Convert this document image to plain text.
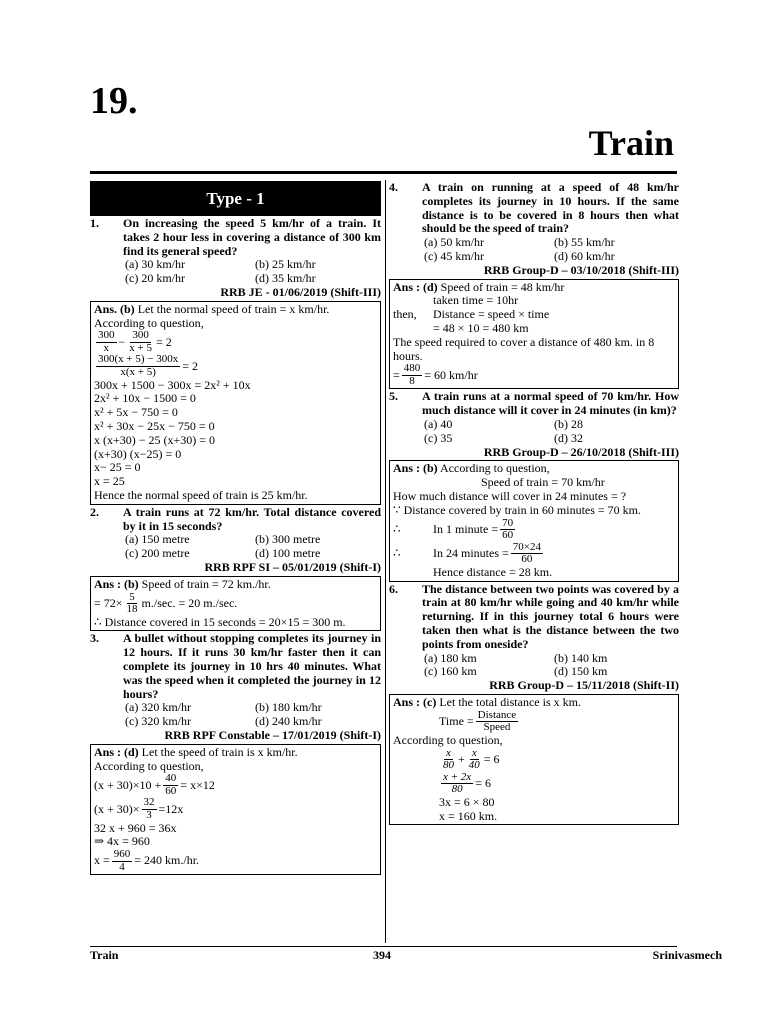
19.
Train
Type - 1
1.	On increasing the speed 5 km/hr of a train. It takes 2 hour less in covering a distance of 300 km find its general speed?
(a) 30 km/hr	(b) 25 km/hr
(c) 20 km/hr	(d) 35 km/hr
RRB JE - 01/06/2019 (Shift-III)
Ans. (b) Let the normal speed of train = x km/hr.
According to question,
$\frac{300}{x} - \frac{300}{x + 5} = 2$
$\frac{300(x + 5) - 300x}{x(x + 5)} = 2$
300x + 1500 − 300x = 2x² + 10x
2x² + 10x − 1500 = 0
x² + 5x − 750 = 0
x² + 30x − 25x − 750 = 0
x (x+30) − 25 (x+30) = 0
(x+30) (x−25) = 0
x− 25 = 0
x = 25
Hence the normal speed of train is 25 km/hr.
2.	A train runs at 72 km/hr. Total distance covered by it in 15 seconds?
(a) 150 metre	(b) 300 metre
(c) 200 metre	(d) 100 metre
RRB RPF SI – 05/01/2019 (Shift-I)
Ans : (b) Speed of train = 72 km./hr.
= $72\times \frac{5}{18} m./\sec$. = 20 m./sec.
∴ Distance covered in 15 seconds = 20×15 = 300 m.
3.	A bullet without stopping completes its journey in 12 hours. If it runs 30 km/hr faster then it can complete its journey in 10 hrs 40 minutes. What was the speed when it completed the journey in 12 hours?
(a) 320 km/hr	(b) 180 km/hr
(c) 320 km/hr	(d) 240 km/hr
RRB RPF Constable – 17/01/2019 (Shift-I)
Ans : (d) Let the speed of train is x km/hr.
According to question,
$(x + 30)\times 10 + \frac{40}{60} = x\times 12$
$(x + 30)\times \frac{32}{3} =12x$
32 x + 960 = 36x
⇒ 4x = 960
$x = \frac{960}{4} = 240$ km./hr.
4.	A train on running at a speed of 48 km/hr completes its journey in 10 hours. If the same distance is to be covered in 8 hours then what should be the speed of train?
(a) 50 km/hr	(b) 55 km/hr
(c) 45 km/hr	(d) 60 km/hr
RRB Group-D – 03/10/2018 (Shift-III)
Ans : (d) Speed of train = 48 km/hr
taken time = 10hr
then,	Distance = speed × time
= 48 × 10 = 480 km
The speed required to cover a distance of 480 km. in 8 hours.
= $\frac{480}{8} = 60$ km/hr
5.	A train runs at a normal speed of 70 km/hr. How much distance will it cover in 24 minutes (in km)?
(a) 40	(b) 28
(c) 35	(d) 32
RRB Group-D – 26/10/2018 (Shift-III)
Ans : (b) According to question,
Speed of train = 70 km/hr
How much distance will cover in 24 minutes = ?
∵ Distance covered by train in 60 minutes = 70 km.
∴	In 1 minute = $\frac{70}{60}$
∴	In 24 minutes = $\frac{70\times 24}{60}$
Hence distance = 28 km.
6.	The distance between two points was covered by a train at 80 km/hr while going and 40 km/hr while returning. If in this journey total 6 hours were taken then what is the distance between the two points from oneside?
(a) 180 km	(b) 140 km
(c) 160 km	(d) 150 km
RRB Group-D – 15/11/2018 (Shift-II)
Ans : (c) Let the total distance is x km.
Time = $\frac{\text{Distance}}{\text{Speed}}$
According to question,
$\frac{x}{80} + \frac{x}{40} = 6$
$\frac{x + 2x}{80} = 6$
3x = 6 × 80
x = 160 km.
Train	394	Srinivasmech
